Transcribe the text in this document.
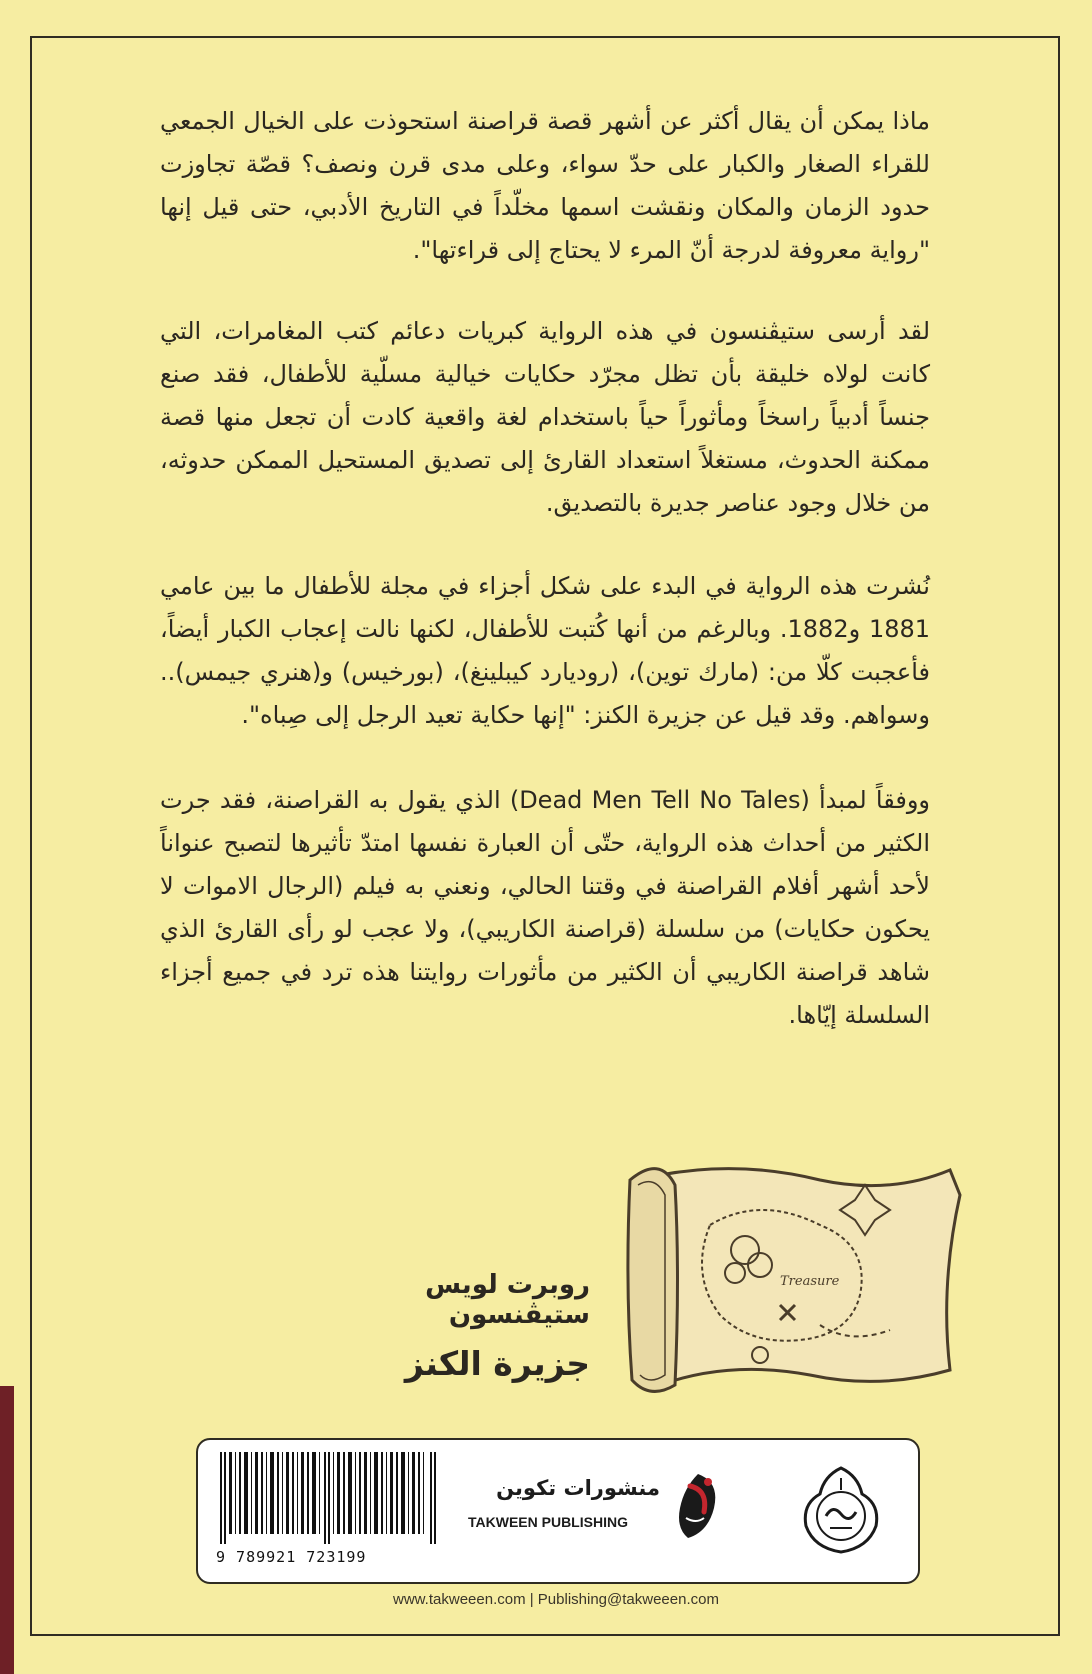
ماذا يمكن أن يقال أكثر عن أشهر قصة قراصنة استحوذت على الخيال الجمعي للقراء الصغار والكبار على حدّ سواء، وعلى مدى قرن ونصف؟ قصّة تجاوزت حدود الزمان والمكان ونقشت اسمها مخلّداً في التاريخ الأدبي، حتى قيل إنها "رواية معروفة لدرجة أنّ المرء لا يحتاج إلى قراءتها".

لقد أرسى ستيڤنسون في هذه الرواية كبريات دعائم كتب المغامرات، التي كانت لولاه خليقة بأن تظل مجرّد حكايات خيالية مسلّية للأطفال، فقد صنع جنساً أدبياً راسخاً ومأثوراً حياً باستخدام لغة واقعية كادت أن تجعل منها قصة ممكنة الحدوث، مستغلاً استعداد القارئ إلى تصديق المستحيل الممكن حدوثه، من خلال وجود عناصر جديرة بالتصديق.

نُشرت هذه الرواية في البدء على شكل أجزاء في مجلة للأطفال ما بين عامي 1881 و1882. وبالرغم من أنها كُتبت للأطفال، لكنها نالت إعجاب الكبار أيضاً، فأعجبت كلّا من: (مارك توين)، (روديارد كيبلينغ)، (بورخيس) و(هنري جيمس).. وسواهم. وقد قيل عن جزيرة الكنز: "إنها حكاية تعيد الرجل إلى صِباه".

ووفقاً لمبدأ (Dead Men Tell No Tales) الذي يقول به القراصنة، فقد جرت الكثير من أحداث هذه الرواية، حتّى أن العبارة نفسها امتدّ تأثيرها لتصبح عنواناً لأحد أشهر أفلام القراصنة في وقتنا الحالي، ونعني به فيلم (الرجال الاموات لا يحكون حكايات) من سلسلة (قراصنة الكاريبي)، ولا عجب لو رأى القارئ الذي شاهد قراصنة الكاريبي أن الكثير من مأثورات روايتنا هذه ترد في جميع أجزاء السلسلة إيّاها.

روبرت لويس ستيڤنسون
جزيرة الكنز
Treasure
9 789921 723199
منشورات تكوين
TAKWEEN PUBLISHING
www.takweeen.com | Publishing@takweeen.com
